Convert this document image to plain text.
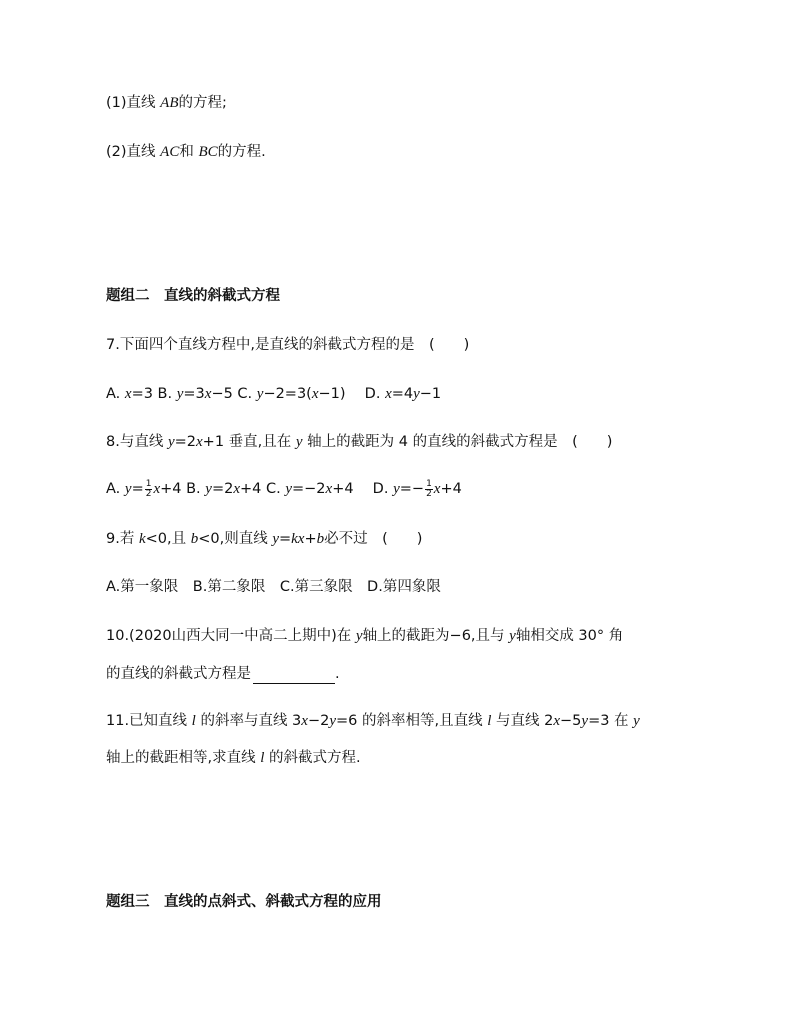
(1)直线 AB的方程;
(2)直线 AC和 BC的方程.
题组二　直线的斜截式方程
7.下面四个直线方程中,是直线的斜截式方程的是　(　　)
A. x=3 B. y=3x−5 C. y−2=3(x−1)　 D. x=4y−1
8.与直线 y=2x+1 垂直,且在 y 轴上的截距为 4 的直线的斜截式方程是　(　　)
A. $y= \frac{1}{2} x+4$ B. y=2x+4 C. y=−2x+4　 D. $y=- \frac{1}{2} x+4$
9.若 k<0,且 b<0,则直线 y=kx+b必不过　(　　)
A.第一象限　B.第二象限　C.第三象限　D.第四象限
10.(2020山西大同一中高二上期中)在 y轴上的截距为−6,且与 y轴相交成 30° 角
的直线的斜截式方程是	.
11.已知直线 l 的斜率与直线 3x−2y=6 的斜率相等,且直线 l 与直线 2x−5y=3 在 y
轴上的截距相等,求直线 l 的斜截式方程.
题组三　直线的点斜式、斜截式方程的应用
